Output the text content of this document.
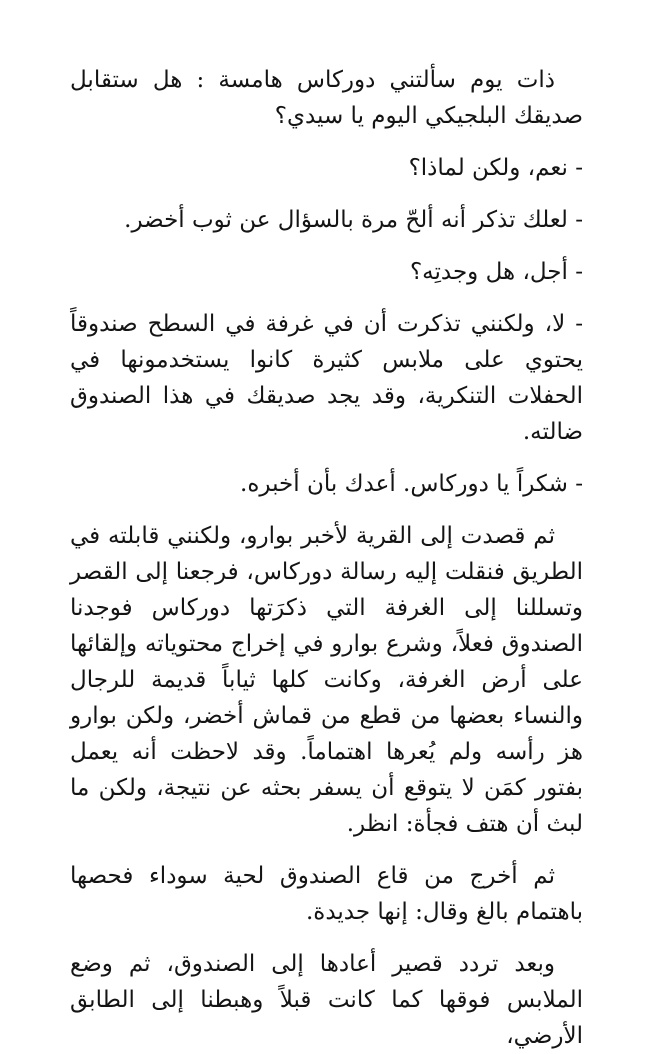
ذات يوم سألتني دوركاس هامسة : هل ستقابل صديقك البلجيكي اليوم يا سيدي؟

- نعم، ولكن لماذا؟

- لعلك تذكر أنه ألحّ مرة بالسؤال عن ثوب أخضر.

- أجل، هل وجدتِه؟

- لا، ولكنني تذكرت أن في غرفة في السطح صندوقاً يحتوي على ملابس كثيرة كانوا يستخدمونها في الحفلات التنكرية، وقد يجد صديقك في هذا الصندوق ضالته.

- شكراً يا دوركاس. أعدك بأن أخبره.

ثم قصدت إلى القرية لأخبر بوارو، ولكنني قابلته في الطريق فنقلت إليه رسالة دوركاس، فرجعنا إلى القصر وتسللنا إلى الغرفة التي ذكرَتها دوركاس فوجدنا الصندوق فعلاً، وشرع بوارو في إخراج محتوياته وإلقائها على أرض الغرفة، وكانت كلها ثياباً قديمة للرجال والنساء بعضها من قطع من قماش أخضر، ولكن بوارو هز رأسه ولم يُعرها اهتماماً. وقد لاحظت أنه يعمل بفتور كمَن لا يتوقع أن يسفر بحثه عن نتيجة، ولكن ما لبث أن هتف فجأة: انظر.

ثم أخرج من قاع الصندوق لحية سوداء فحصها باهتمام بالغ وقال: إنها جديدة.

وبعد تردد قصير أعادها إلى الصندوق، ثم وضع الملابس فوقها كما كانت قبلاً وهبطنا إلى الطابق الأرضي،
